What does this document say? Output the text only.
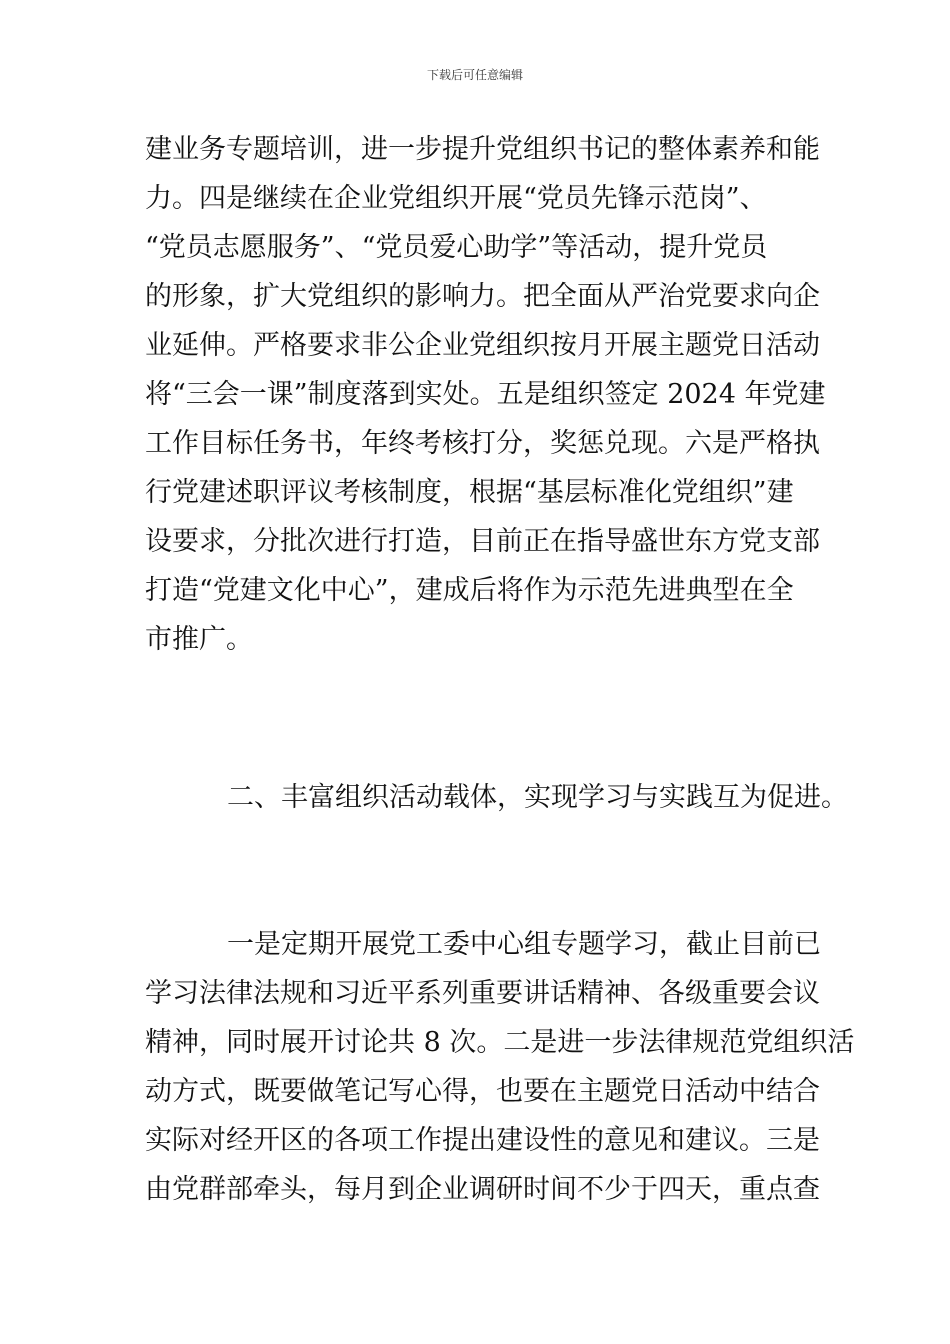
下载后可任意编辑
建业务专题培训，进一步提升党组织书记的整体素养和能
力。四是继续在企业党组织开展“党员先锋示范岗”、
“党员志愿服务”、“党员爱心助学”等活动，提升党员
的形象，扩大党组织的影响力。把全面从严治党要求向企
业延伸。严格要求非公企业党组织按月开展主题党日活动
将“三会一课”制度落到实处。五是组织签定 2024 年党建
工作目标任务书，年终考核打分，奖惩兑现。六是严格执
行党建述职评议考核制度，根据“基层标准化党组织”建
设要求，分批次进行打造，目前正在指导盛世东方党支部
打造“党建文化中心”，建成后将作为示范先进典型在全
市推广。
二、丰富组织活动载体，实现学习与实践互为促进。
一是定期开展党工委中心组专题学习，截止目前已
学习法律法规和习近平系列重要讲话精神、各级重要会议
精神，同时展开讨论共 8 次。二是进一步法律规范党组织活
动方式，既要做笔记写心得，也要在主题党日活动中结合
实际对经开区的各项工作提出建设性的意见和建议。三是
由党群部牵头，每月到企业调研时间不少于四天，重点查
